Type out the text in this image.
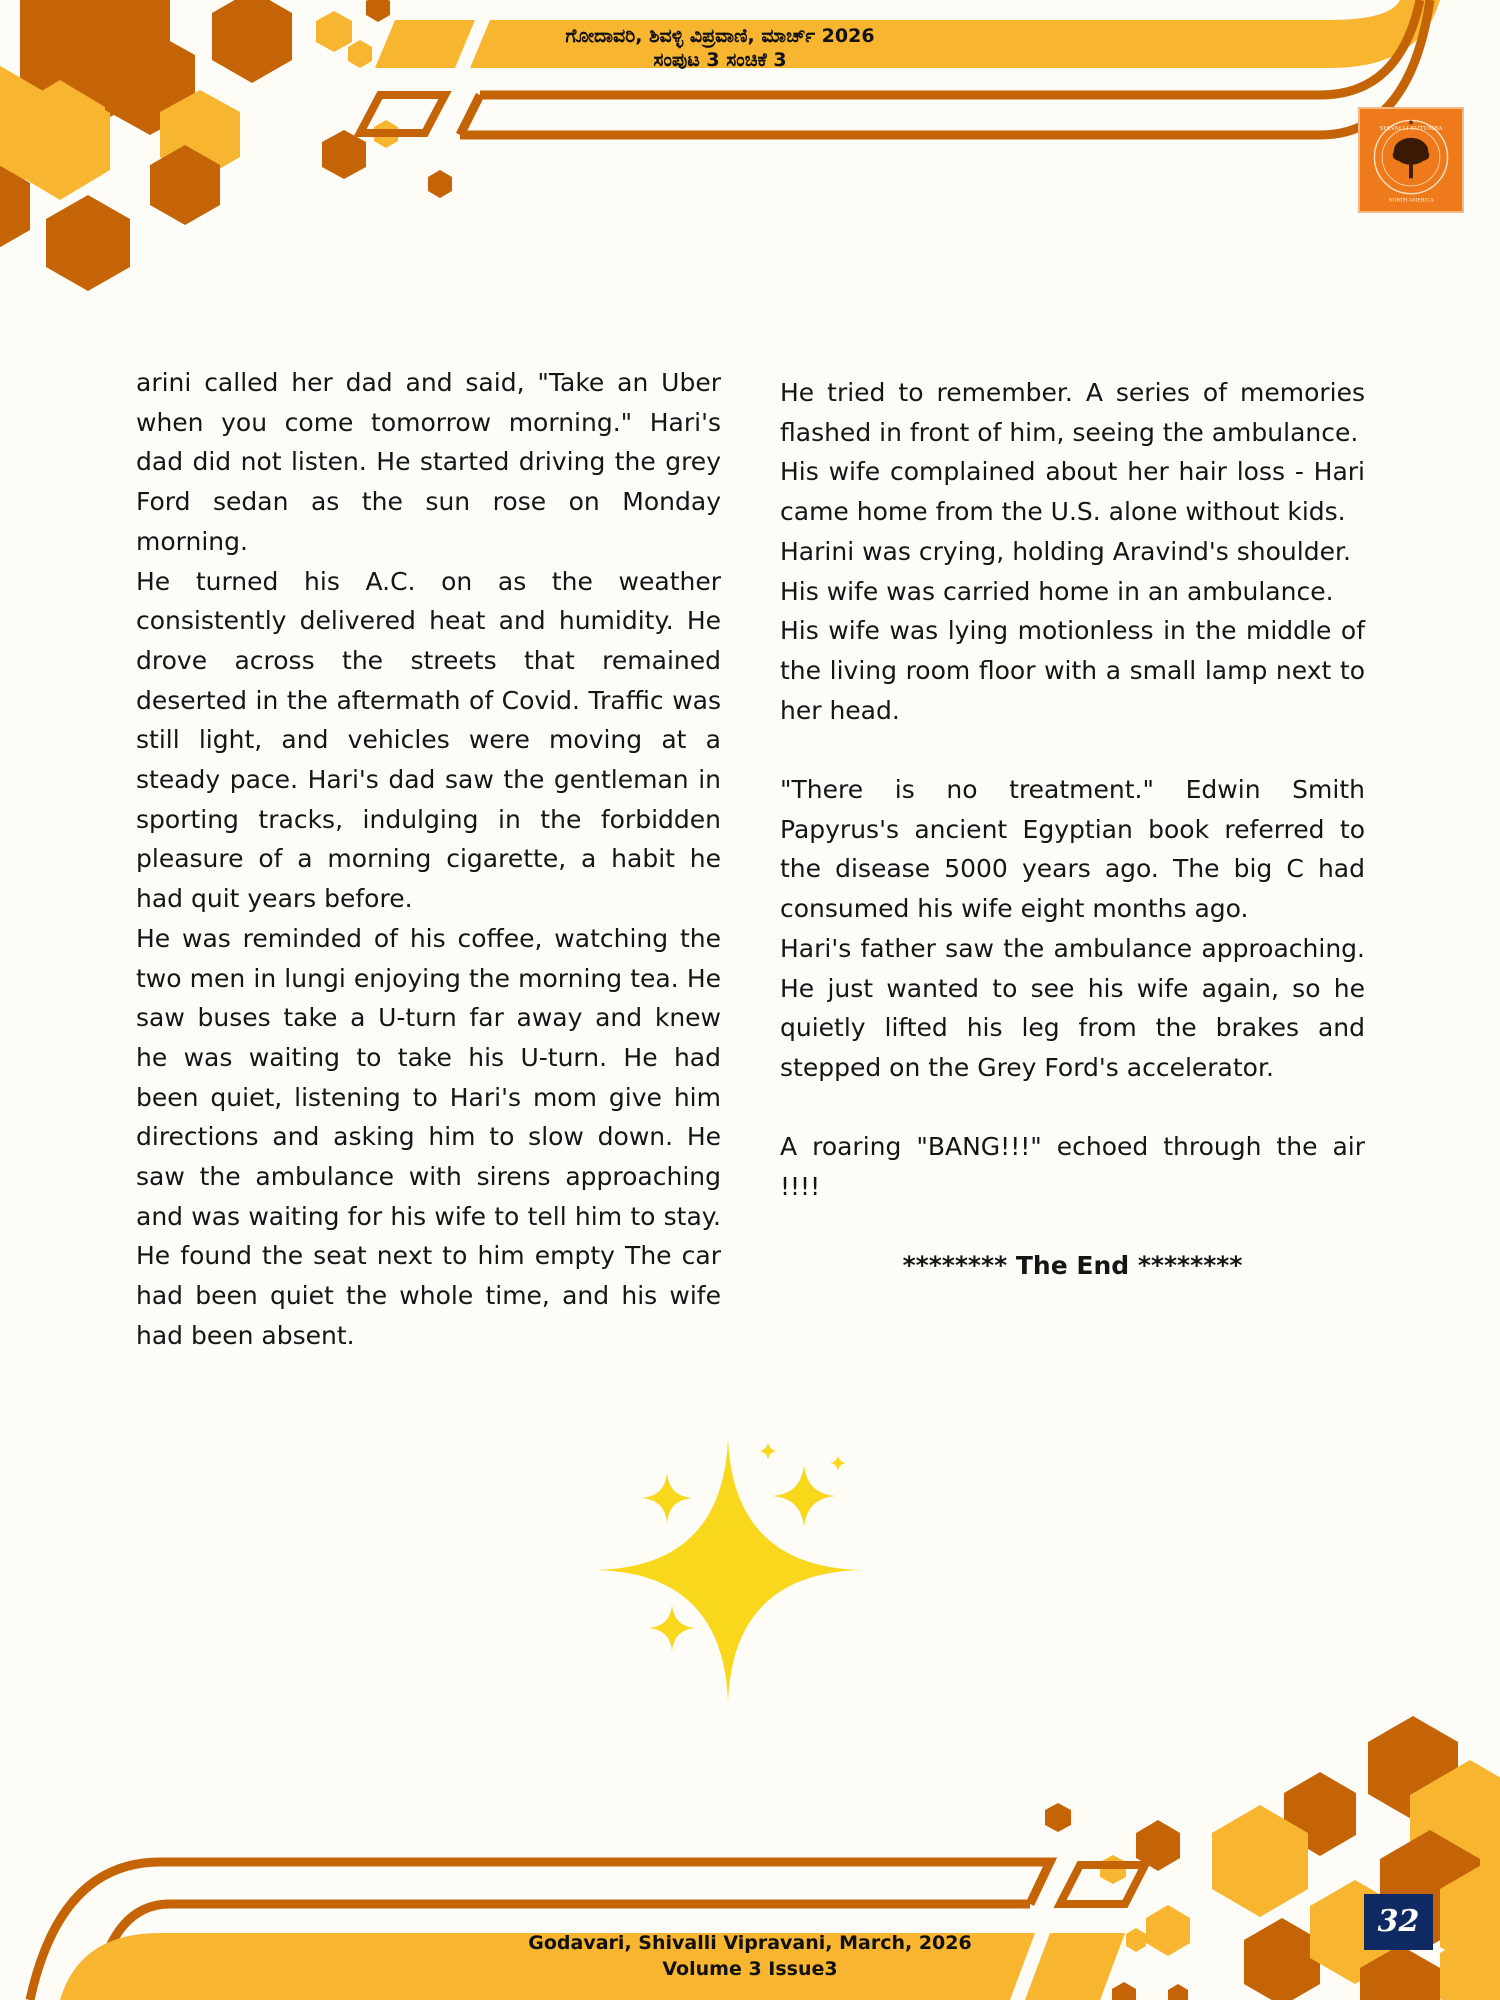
ಗೋದಾವರಿ, ಶಿವಳ್ಳಿ ವಿಪ್ರವಾಣಿ, ಮಾರ್ಚ್ 2026
ಸಂಪುಟ 3 ಸಂಚಿಕೆ 3
SHIVALLI KUTUMBA
NORTH AMERICA

arini called her dad and said, "Take an Uber when you come tomorrow morning." Hari's dad did not listen. He started driving the grey Ford sedan as the sun rose on Monday morning.

He turned his A.C. on as the weather consistently delivered heat and humidity. He drove across the streets that remained deserted in the aftermath of Covid. Traffic was still light, and vehicles were moving at a steady pace. Hari's dad saw the gentleman in sporting tracks, indulging in the forbidden pleasure of a morning cigarette, a habit he had quit years before.

He was reminded of his coffee, watching the two men in lungi enjoying the morning tea. He saw buses take a U-turn far away and knew he was waiting to take his U-turn. He had been quiet, listening to Hari's mom give him directions and asking him to slow down. He saw the ambulance with sirens approaching and was waiting for his wife to tell him to stay. He found the seat next to him empty The car had been quiet the whole time, and his wife had been absent.

He tried to remember. A series of memories flashed in front of him, seeing the ambulance.

His wife complained about her hair loss - Hari came home from the U.S. alone without kids.

Harini was crying, holding Aravind's shoulder.

His wife was carried home in an ambulance.

His wife was lying motionless in the middle of the living room floor with a small lamp next to her head.

"There is no treatment." Edwin Smith Papyrus's ancient Egyptian book referred to the disease 5000 years ago. The big C had consumed his wife eight months ago.

Hari's father saw the ambulance approaching. He just wanted to see his wife again, so he quietly lifted his leg from the brakes and stepped on the Grey Ford's accelerator.

A roaring "BANG!!!" echoed through the air !!!!

******** The End ********

Godavari, Shivalli Vipravani, March, 2026
Volume 3 Issue3
32
